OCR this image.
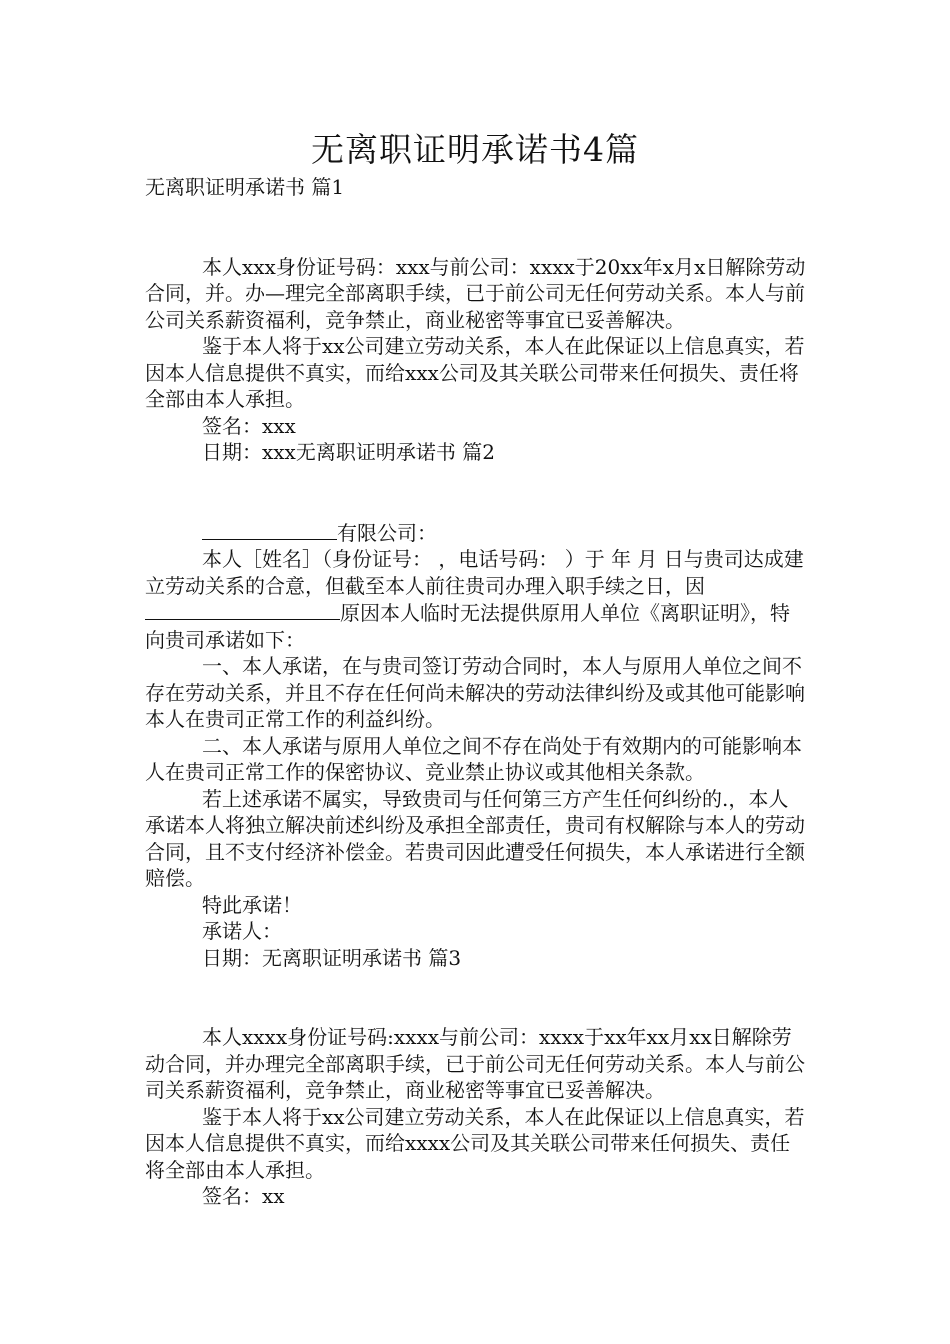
无离职证明承诺书4篇

无离职证明承诺书 篇1

本人xxx身份证号码：xxx与前公司：xxxx于20xx年x月x日解除劳动合同，并。办—理完全部离职手续，已于前公司无任何劳动关系。本人与前公司关系薪资福利，竞争禁止，商业秘密等事宜已妥善解决。

鉴于本人将于xx公司建立劳动关系，本人在此保证以上信息真实，若因本人信息提供不真实，而给xxx公司及其关联公司带来任何损失、责任将全部由本人承担。

签名：xxx

日期：xxx无离职证明承诺书 篇2

有限公司：

本人［姓名］（身份证号： ，电话号码： ）于 年 月 日与贵司达成建立劳动关系的合意，但截至本人前往贵司办理入职手续之日，因原因本人临时无法提供原用人单位《离职证明》，特向贵司承诺如下：

一、本人承诺，在与贵司签订劳动合同时，本人与原用人单位之间不存在劳动关系，并且不存在任何尚未解决的劳动法律纠纷及或其他可能影响本人在贵司正常工作的利益纠纷。

二、本人承诺与原用人单位之间不存在尚处于有效期内的可能影响本人在贵司正常工作的保密协议、竞业禁止协议或其他相关条款。

若上述承诺不属实，导致贵司与任何第三方产生任何纠纷的.，本人承诺本人将独立解决前述纠纷及承担全部责任，贵司有权解除与本人的劳动合同，且不支付经济补偿金。若贵司因此遭受任何损失，本人承诺进行全额赔偿。

特此承诺！

承诺人：

日期：无离职证明承诺书 篇3

本人xxxx身份证号码:xxxx与前公司：xxxx于xx年xx月xx日解除劳动合同，并办理完全部离职手续，已于前公司无任何劳动关系。本人与前公司关系薪资福利，竞争禁止，商业秘密等事宜已妥善解决。

鉴于本人将于xx公司建立劳动关系，本人在此保证以上信息真实，若因本人信息提供不真实，而给xxxx公司及其关联公司带来任何损失、责任将全部由本人承担。

签名：xx
